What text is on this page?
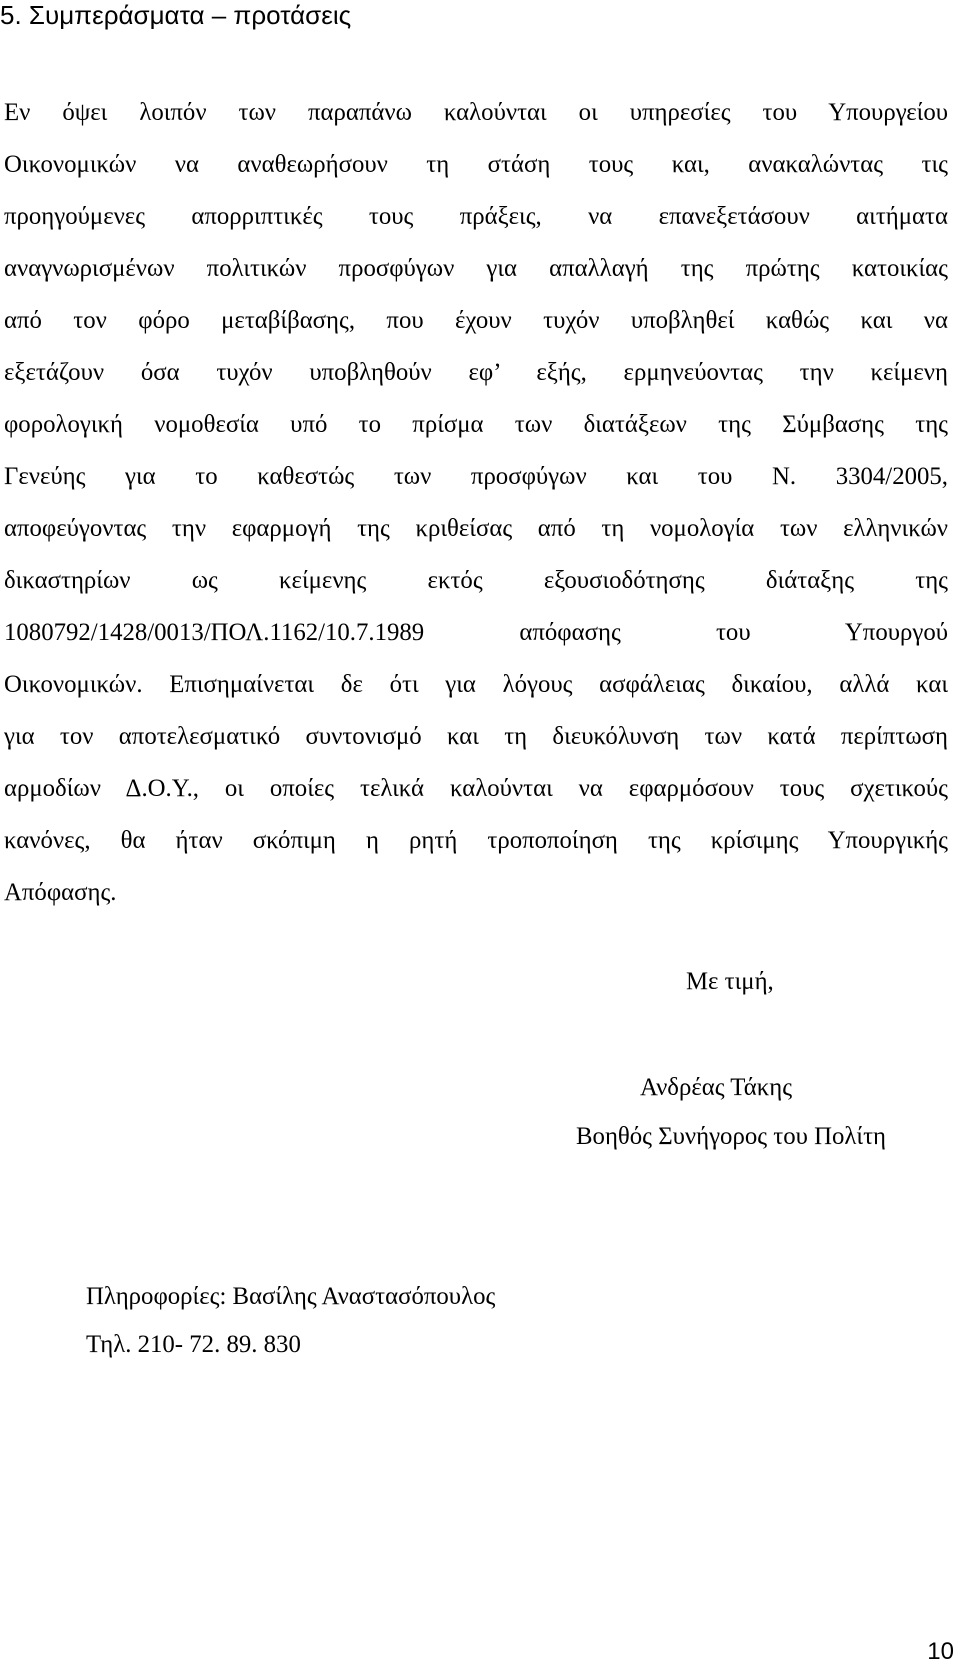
5. Συμπεράσματα – προτάσεις
Εν όψει λοιπόν των παραπάνω καλούνται οι υπηρεσίες του Υπουργείου
Οικονομικών να αναθεωρήσουν τη στάση τους και, ανακαλώντας τις
προηγούμενες απορριπτικές τους πράξεις, να επανεξετάσουν αιτήματα
αναγνωρισμένων πολιτικών προσφύγων για απαλλαγή της πρώτης κατοικίας
από τον φόρο μεταβίβασης, που έχουν τυχόν υποβληθεί καθώς και να
εξετάζουν όσα τυχόν υποβληθούν εφ’ εξής, ερμηνεύοντας την κείμενη
φορολογική νομοθεσία υπό το πρίσμα των διατάξεων της Σύμβασης της
Γενεύης για το καθεστώς των προσφύγων και του Ν. 3304/2005,
αποφεύγοντας την εφαρμογή της κριθείσας από τη νομολογία των ελληνικών
δικαστηρίων ως κείμενης εκτός εξουσιοδότησης διάταξης της
1080792/1428/0013/ΠΟΛ.1162/10.7.1989 απόφασης του Υπουργού
Οικονομικών. Επισημαίνεται δε ότι για λόγους ασφάλειας δικαίου, αλλά και
για τον αποτελεσματικό συντονισμό και τη διευκόλυνση των κατά περίπτωση
αρμοδίων Δ.Ο.Υ., οι οποίες τελικά καλούνται να εφαρμόσουν τους σχετικούς
κανόνες, θα ήταν σκόπιμη η ρητή τροποποίηση της κρίσιμης Υπουργικής
Απόφασης.

Με τιμή,

Ανδρέας Τάκης

Βοηθός Συνήγορος του Πολίτη

Πληροφορίες: Βασίλης Αναστασόπουλος

Τηλ. 210- 72. 89. 830

10
